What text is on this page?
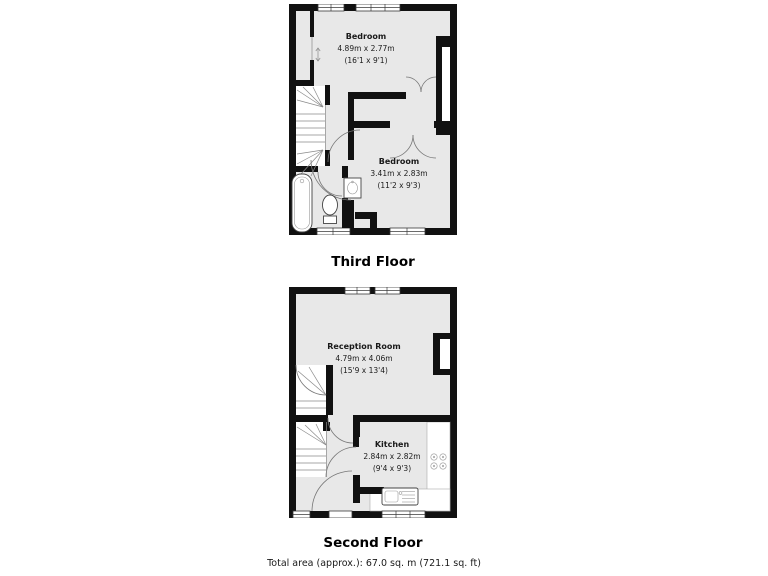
Bedroom
4.89m x 2.77m
(16'1 x 9'1)
Bedroom
3.41m x 2.83m
(11'2 x 9'3)
Third Floor
Reception Room
4.79m x 4.06m
(15'9 x 13'4)
Kitchen
2.84m x 2.82m
(9'4 x 9'3)
Second Floor
Total area (approx.): 67.0 sq. m (721.1 sq. ft)
